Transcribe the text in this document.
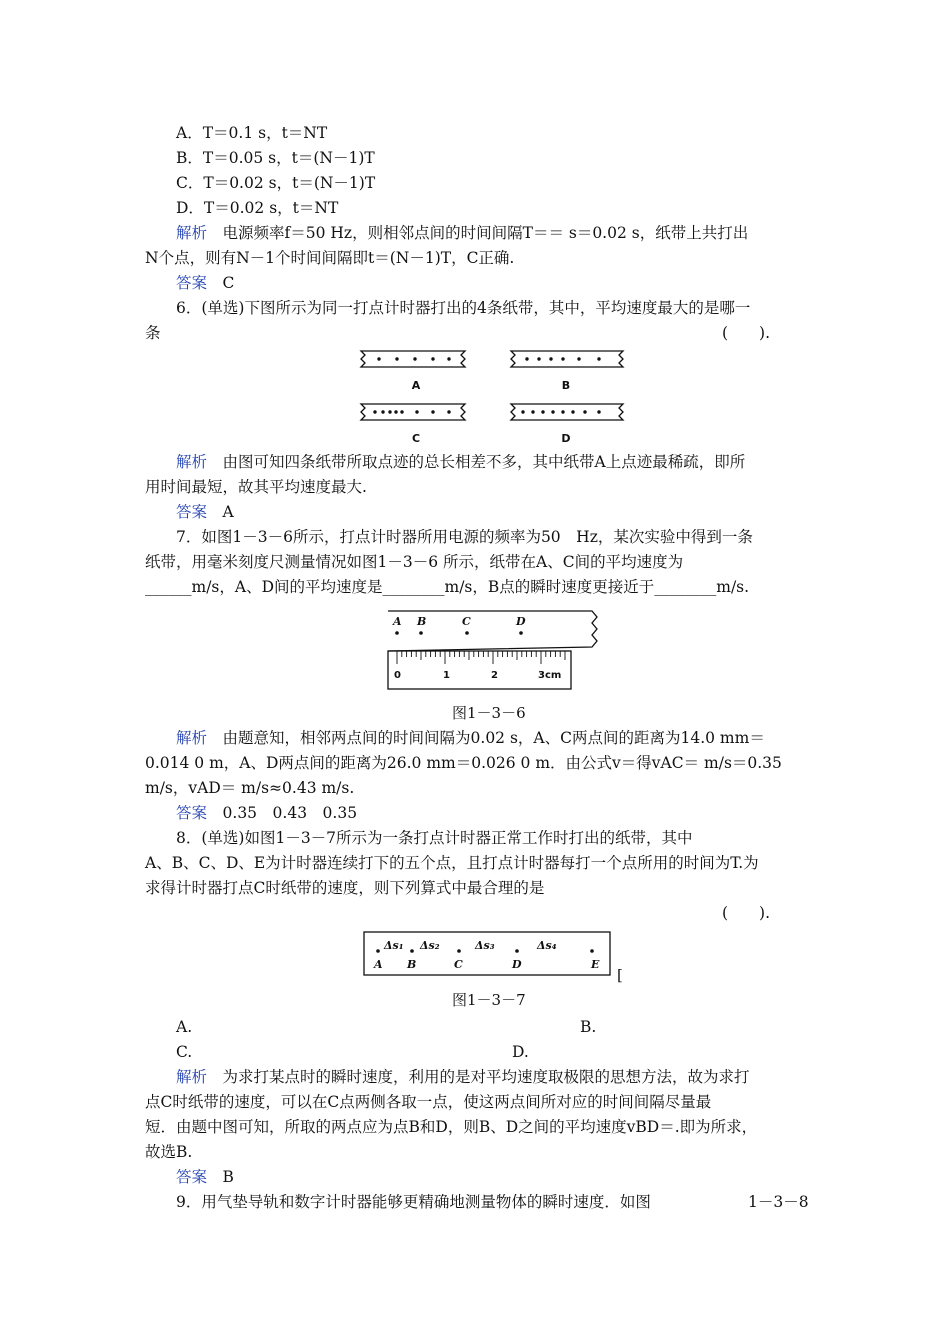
A．T＝0.1 s，t＝NT
B．T＝0.05 s，t＝(N－1)T
C．T＝0.02 s，t＝(N－1)T
D．T＝0.02 s，t＝NT
解析　 电源频率f＝50 Hz，则相邻点间的时间间隔T＝＝ s＝0.02 s，纸带上共打出
N个点，则有N－1个时间间隔即t＝(N－1)T，C正确.
答案　 C
6．(单选)下图所示为同一打点计时器打出的4条纸带，其中，平均速度最大的是哪一
条	(　　).
A	B
C	D
解析　 由图可知四条纸带所取点迹的总长相差不多，其中纸带A上点迹最稀疏，即所
用时间最短，故其平均速度最大.
答案　 A
7．如图1－3－6所示，打点计时器所用电源的频率为50　Hz，某次实验中得到一条
纸带，用毫米刻度尺测量情况如图1－3－6 所示，纸带在A、C间的平均速度为
______m/s，A、D间的平均速度是________m/s，B点的瞬时速度更接近于________m/s.
A B	C	D
0	1	2	3cm
图1－3－6
解析　 由题意知，相邻两点间的时间间隔为0.02 s，A、C两点间的距离为14.0 mm＝
0.014 0 m，A、D两点间的距离为26.0 mm＝0.026 0 m．由公式v＝得vAC＝ m/s＝0.35
m/s，vAD＝ m/s≈0.43 m/s.
答案　 0.35　0.43　0.35
8．(单选)如图1－3－7所示为一条打点计时器正常工作时打出的纸带，其中
A、B、C、D、E为计时器连续打下的五个点，且打点计时器每打一个点所用的时间为T.为
求得计时器打点C时纸带的速度，则下列算式中最合理的是
(　　).
Δs₁ Δs₂	Δs₃	Δs₄
A B	C	D	E
[
图1－3－7
A.	B.
C.	D.
解析　 为求打某点时的瞬时速度，利用的是对平均速度取极限的思想方法，故为求打
点C时纸带的速度，可以在C点两侧各取一点，使这两点间所对应的时间间隔尽量最
短．由题中图可知，所取的两点应为点B和D，则B、D之间的平均速度vBD＝.即为所求，
故选B.
答案　 B
9．用气垫导轨和数字计时器能够更精确地测量物体的瞬时速度．如图	1－3－8
